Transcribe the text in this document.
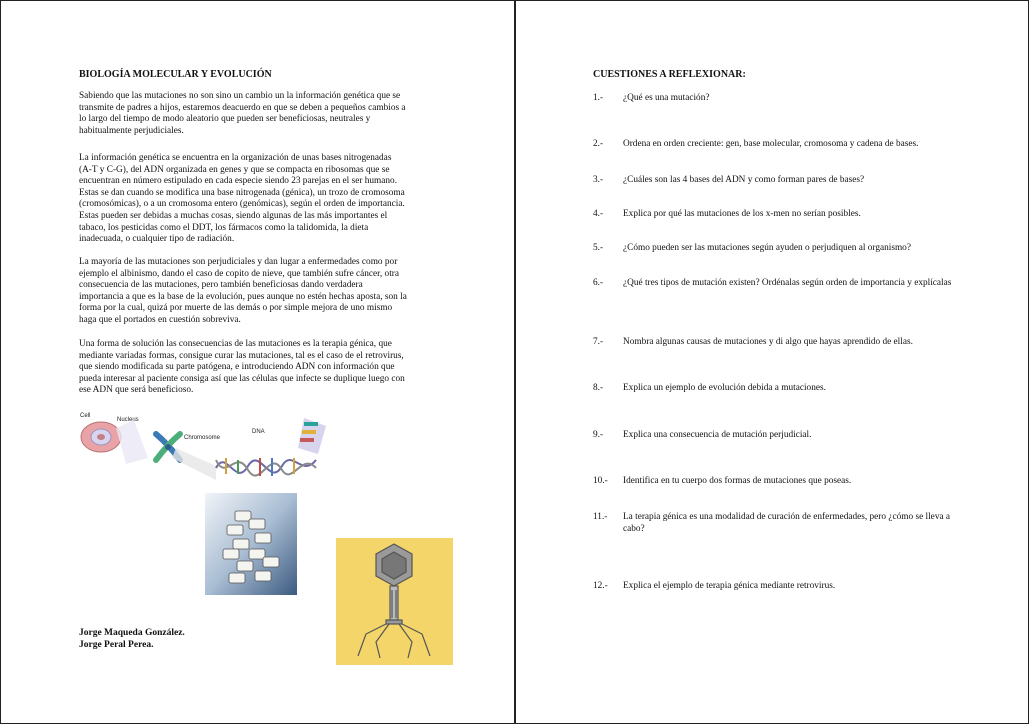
BIOLOGÍA MOLECULAR Y EVOLUCIÓN

Sabiendo que las mutaciones no son sino un cambio un la información genética que se
transmite de padres a hijos, estaremos deacuerdo en que se deben a pequeños cambios a
lo largo del tiempo de modo aleatorio que pueden ser beneficiosas, neutrales y
habitualmente perjudiciales.

La información genética se encuentra en la organización de unas bases nitrogenadas
(A-T y C-G), del ADN organizada en genes y que se compacta en ribosomas que se
encuentran en número estipulado en cada especie siendo 23 parejas en el ser humano.
Estas se dan cuando se modifica una base nitrogenada (génica), un trozo de cromosoma
(cromosómicas), o a un cromosoma entero (genómicas), según el orden de importancia.
Estas pueden ser debidas a muchas cosas, siendo algunas de las más importantes el
tabaco, los pesticidas como el DDT, los fármacos como la talidomida, la dieta
inadecuada, o cualquier tipo de radiación.

La mayoría de las mutaciones son perjudiciales y dan lugar a enfermedades como por
ejemplo el albinismo, dando el caso de copito de nieve, que también sufre cáncer, otra
consecuencia de las mutaciones, pero también beneficiosas dando verdadera
importancia a que es la base de la evolución, pues aunque no estén hechas aposta, son la
forma por la cual, quizá por muerte de las demás o por simple mejora de uno mismo
haga que el portados en cuestión sobreviva.

Una forma de solución las consecuencias de las mutaciones es la terapia génica, que
mediante variadas formas, consigue curar las mutaciones, tal es el caso de el retrovirus,
que siendo modificada su parte patógena, e introduciendo ADN con información que
pueda interesar al paciente consiga así que las células que infecte se duplique luego con
ese ADN que será beneficioso.

Cell
Nucleus
Chromosome
DNA
Jorge Maqueda González.
Jorge Peral Perea.
CUESTIONES A REFLEXIONAR:
1.- ¿Qué es una mutación?
2.- Ordena en orden creciente: gen, base molecular, cromosoma y cadena de bases.
3.- ¿Cuáles son las 4 bases del ADN y como forman pares de bases?
4.- Explica por qué las mutaciones de los x-men no serían posibles.
5.- ¿Cómo pueden ser las mutaciones según ayuden o perjudiquen al organismo?
6.- ¿Qué tres tipos de mutación existen? Ordénalas según orden de importancia y explícalas
7.- Nombra algunas causas de mutaciones y di algo que hayas aprendido de ellas.
8.- Explica un ejemplo de evolución debida a mutaciones.
9.- Explica una consecuencia de mutación perjudicial.
10.- Identifica en tu cuerpo dos formas de mutaciones que poseas.
11.- La terapia génica es una modalidad de curación de enfermedades, pero ¿cómo se lleva a cabo?
12.- Explica el ejemplo de terapia génica mediante retrovirus.
